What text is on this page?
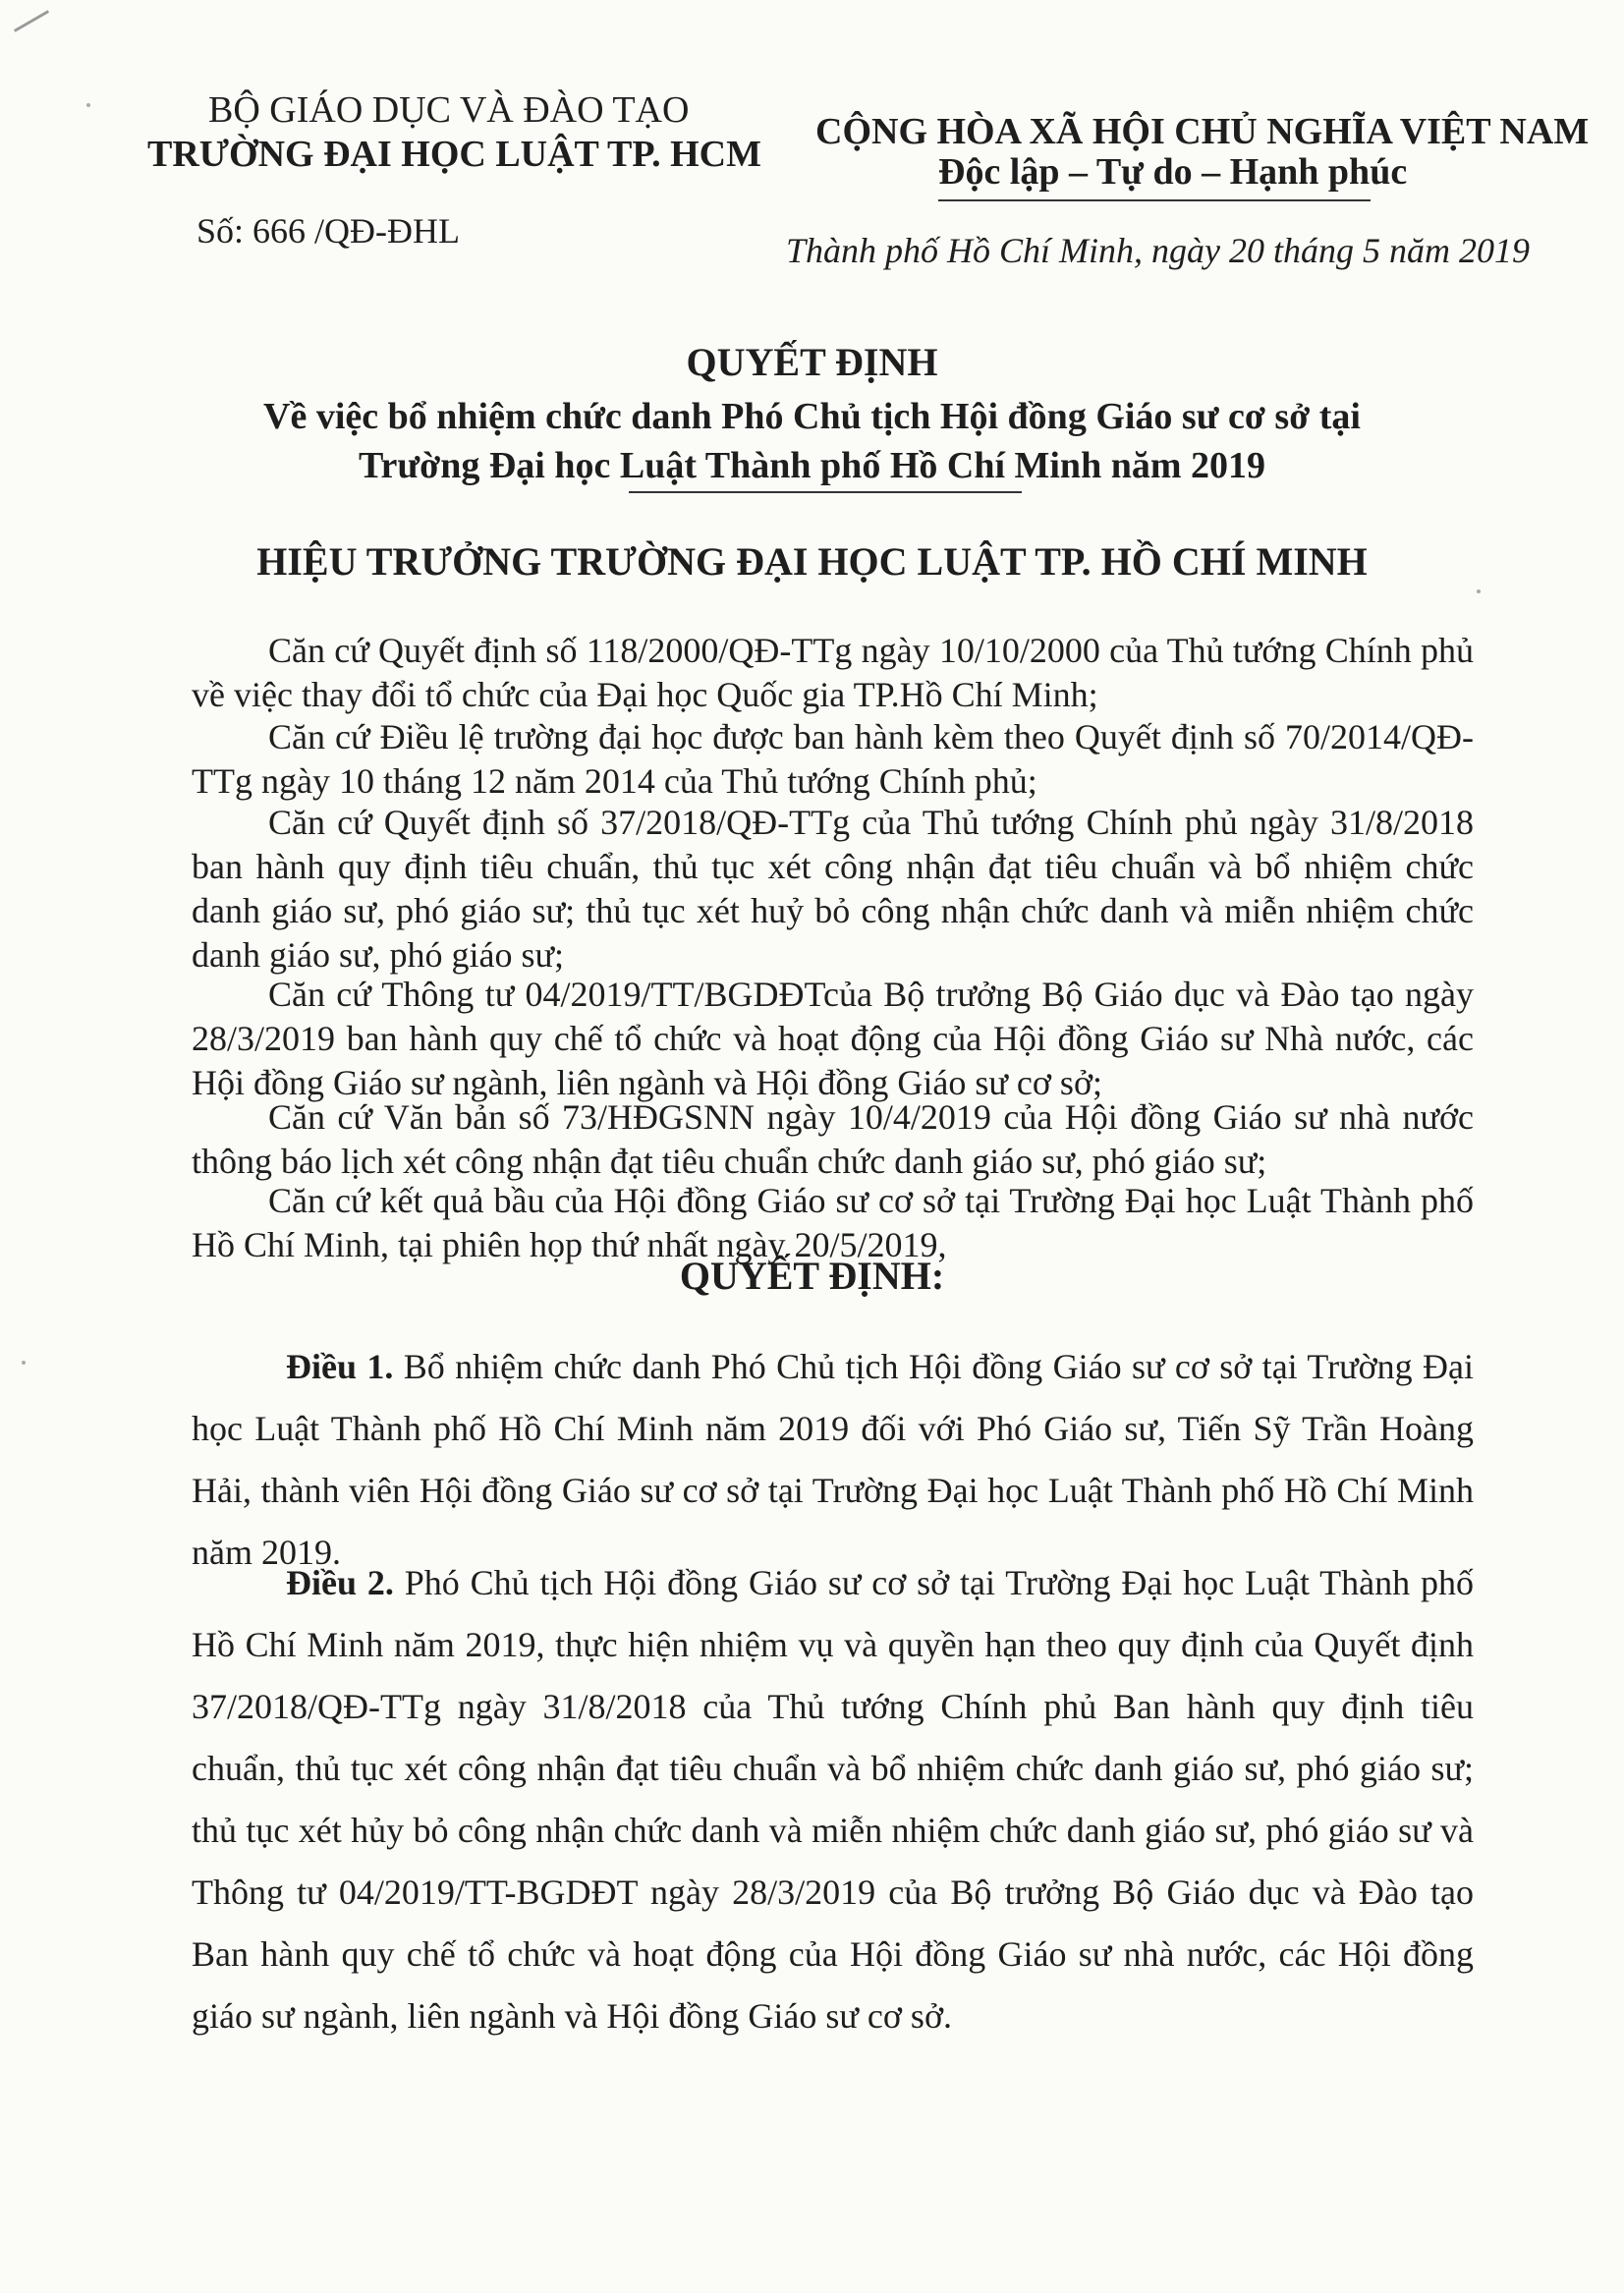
BỘ GIÁO DỤC VÀ ĐÀO TẠO
TRƯỜNG ĐẠI HỌC LUẬT TP. HCM
CỘNG HÒA XÃ HỘI CHỦ NGHĨA VIỆT NAM
Độc lập – Tự do – Hạnh phúc
Số: 666 /QĐ-ĐHL	Thành phố Hồ Chí Minh, ngày 20 tháng 5 năm 2019
QUYẾT ĐỊNH
Về việc bổ nhiệm chức danh Phó Chủ tịch Hội đồng Giáo sư cơ sở tại
Trường Đại học Luật Thành phố Hồ Chí Minh năm 2019
HIỆU TRƯỞNG TRƯỜNG ĐẠI HỌC LUẬT TP. HỒ CHÍ MINH
Căn cứ Quyết định số 118/2000/QĐ-TTg ngày 10/10/2000 của Thủ tướng Chính phủ về việc thay đổi tổ chức của Đại học Quốc gia TP.Hồ Chí Minh;
Căn cứ Điều lệ trường đại học được ban hành kèm theo Quyết định số 70/2014/QĐ-TTg ngày 10 tháng 12 năm 2014 của Thủ tướng Chính phủ;
Căn cứ Quyết định số 37/2018/QĐ-TTg của Thủ tướng Chính phủ ngày 31/8/2018 ban hành quy định tiêu chuẩn, thủ tục xét công nhận đạt tiêu chuẩn và bổ nhiệm chức danh giáo sư, phó giáo sư; thủ tục xét huỷ bỏ công nhận chức danh và miễn nhiệm chức danh giáo sư, phó giáo sư;
Căn cứ Thông tư 04/2019/TT/BGDĐTcủa Bộ trưởng Bộ Giáo dục và Đào tạo ngày 28/3/2019 ban hành quy chế tổ chức và hoạt động của Hội đồng Giáo sư Nhà nước, các Hội đồng Giáo sư ngành, liên ngành và Hội đồng Giáo sư cơ sở;
Căn cứ Văn bản số 73/HĐGSNN ngày 10/4/2019 của Hội đồng Giáo sư nhà nước thông báo lịch xét công nhận đạt tiêu chuẩn chức danh giáo sư, phó giáo sư;
Căn cứ kết quả bầu của Hội đồng Giáo sư cơ sở tại Trường Đại học Luật Thành phố Hồ Chí Minh, tại phiên họp thứ nhất ngày 20/5/2019,
QUYẾT ĐỊNH:
Điều 1. Bổ nhiệm chức danh Phó Chủ tịch Hội đồng Giáo sư cơ sở tại Trường Đại học Luật Thành phố Hồ Chí Minh năm 2019 đối với Phó Giáo sư, Tiến Sỹ Trần Hoàng Hải, thành viên Hội đồng Giáo sư cơ sở tại Trường Đại học Luật Thành phố Hồ Chí Minh năm 2019.
Điều 2. Phó Chủ tịch Hội đồng Giáo sư cơ sở tại Trường Đại học Luật Thành phố Hồ Chí Minh năm 2019, thực hiện nhiệm vụ và quyền hạn theo quy định của Quyết định 37/2018/QĐ-TTg ngày 31/8/2018 của Thủ tướng Chính phủ Ban hành quy định tiêu chuẩn, thủ tục xét công nhận đạt tiêu chuẩn và bổ nhiệm chức danh giáo sư, phó giáo sư; thủ tục xét hủy bỏ công nhận chức danh và miễn nhiệm chức danh giáo sư, phó giáo sư và Thông tư 04/2019/TT-BGDĐT ngày 28/3/2019 của Bộ trưởng Bộ Giáo dục và Đào tạo Ban hành quy chế tổ chức và hoạt động của Hội đồng Giáo sư nhà nước, các Hội đồng giáo sư ngành, liên ngành và Hội đồng Giáo sư cơ sở.
